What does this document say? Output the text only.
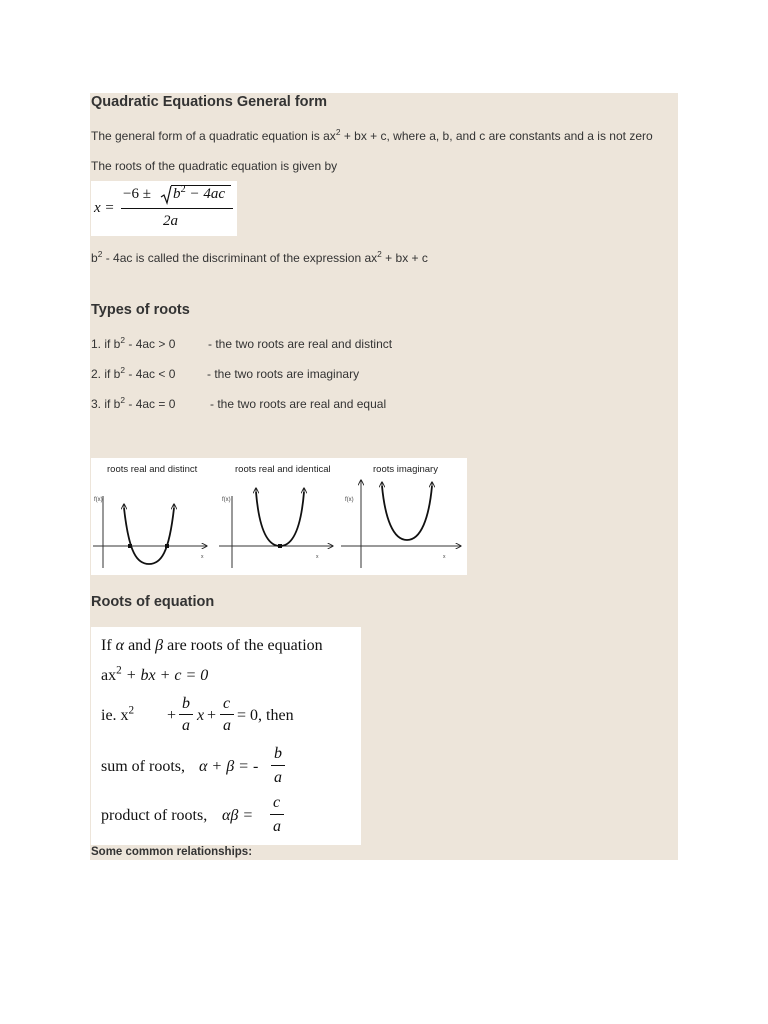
Quadratic Equations General form
The general form of a quadratic equation is $ax^2$ + bx + c, where a, b, and c are constants and a is not zero
The roots of the quadratic equation is given by
x =
$-6 \pm b^2 - 4ac$
2a
$b^2 - 4ac$ is called the discriminant of the expression $ax^2$ + bx + c
Types of roots
1. if $b^2 - 4ac > 0$	- the two roots are real and distinct
2. if $b^2 - 4ac < 0$	- the two roots are imaginary
3. if $b^2 - 4ac = 0$	- the two roots are real and equal
roots real and distinct
f(x)
x
roots real and identical
f(x)
x
roots imaginary
f(x)
x
Roots of equation
If α and β are roots of the equation
$ax^2$ + bx + c = 0
ie. $x^2$ +
b
a
x +
c
a
= 0, then
sum of roots, α + β = -
b
a
product of roots, αβ =
c
a
Some common relationships:
